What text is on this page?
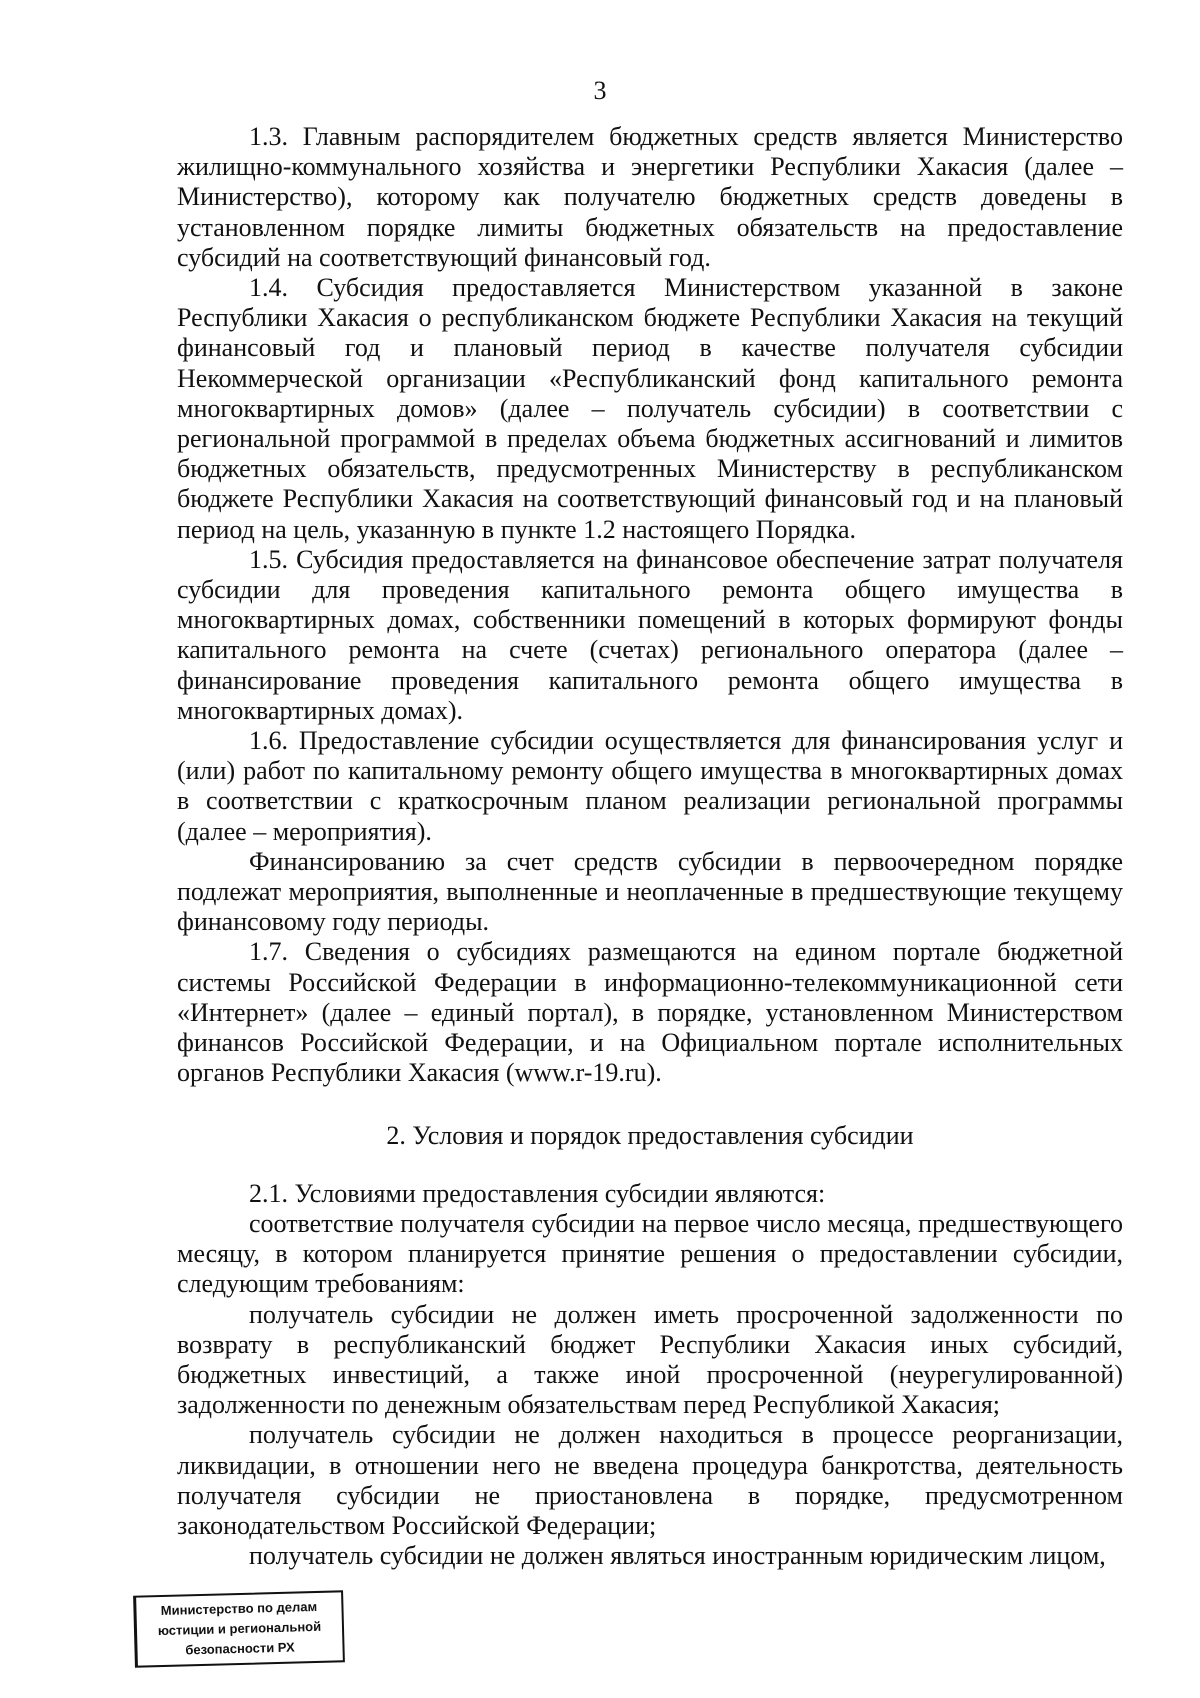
3

1.3. Главным распорядителем бюджетных средств является Министерство жилищно-коммунального хозяйства и энергетики Республики Хакасия (далее – Министерство), которому как получателю бюджетных средств доведены в установленном порядке лимиты бюджетных обязательств на предоставление субсидий на соответствующий финансовый год.

1.4. Субсидия предоставляется Министерством указанной в законе Республики Хакасия о республиканском бюджете Республики Хакасия на текущий финансовый год и плановый период в качестве получателя субсидии Некоммерческой организации «Республиканский фонд капитального ремонта многоквартирных домов» (далее – получатель субсидии) в соответствии с региональной программой в пределах объема бюджетных ассигнований и лимитов бюджетных обязательств, предусмотренных Министерству в республиканском бюджете Республики Хакасия на соответствующий финансовый год и на плановый период на цель, указанную в пункте 1.2 настоящего Порядка.

1.5. Субсидия предоставляется на финансовое обеспечение затрат получателя субсидии для проведения капитального ремонта общего имущества в многоквартирных домах, собственники помещений в которых формируют фонды капитального ремонта на счете (счетах) регионального оператора (далее – финансирование проведения капитального ремонта общего имущества в многоквартирных домах).

1.6. Предоставление субсидии осуществляется для финансирования услуг и (или) работ по капитальному ремонту общего имущества в многоквартирных домах в соответствии с краткосрочным планом реализации региональной программы (далее – мероприятия).

Финансированию за счет средств субсидии в первоочередном порядке подлежат мероприятия, выполненные и неоплаченные в предшествующие текущему финансовому году периоды.

1.7. Сведения о субсидиях размещаются на едином портале бюджетной системы Российской Федерации в информационно-телекоммуникационной сети «Интернет» (далее – единый портал), в порядке, установленном Министерством финансов Российской Федерации, и на Официальном портале исполнительных органов Республики Хакасия (www.r-19.ru).

2. Условия и порядок предоставления субсидии

2.1. Условиями предоставления субсидии являются:

соответствие получателя субсидии на первое число месяца, предшествующего месяцу, в котором планируется принятие решения о предоставлении субсидии, следующим требованиям:

получатель субсидии не должен иметь просроченной задолженности по возврату в республиканский бюджет Республики Хакасия иных субсидий, бюджетных инвестиций, а также иной просроченной (неурегулированной) задолженности по денежным обязательствам перед Республикой Хакасия;

получатель субсидии не должен находиться в процессе реорганизации, ликвидации, в отношении него не введена процедура банкротства, деятельность получателя субсидии не приостановлена в порядке, предусмотренном законодательством Российской Федерации;

получатель субсидии не должен являться иностранным юридическим лицом,

Министерство по делам
юстиции и региональной
безопасности РХ
